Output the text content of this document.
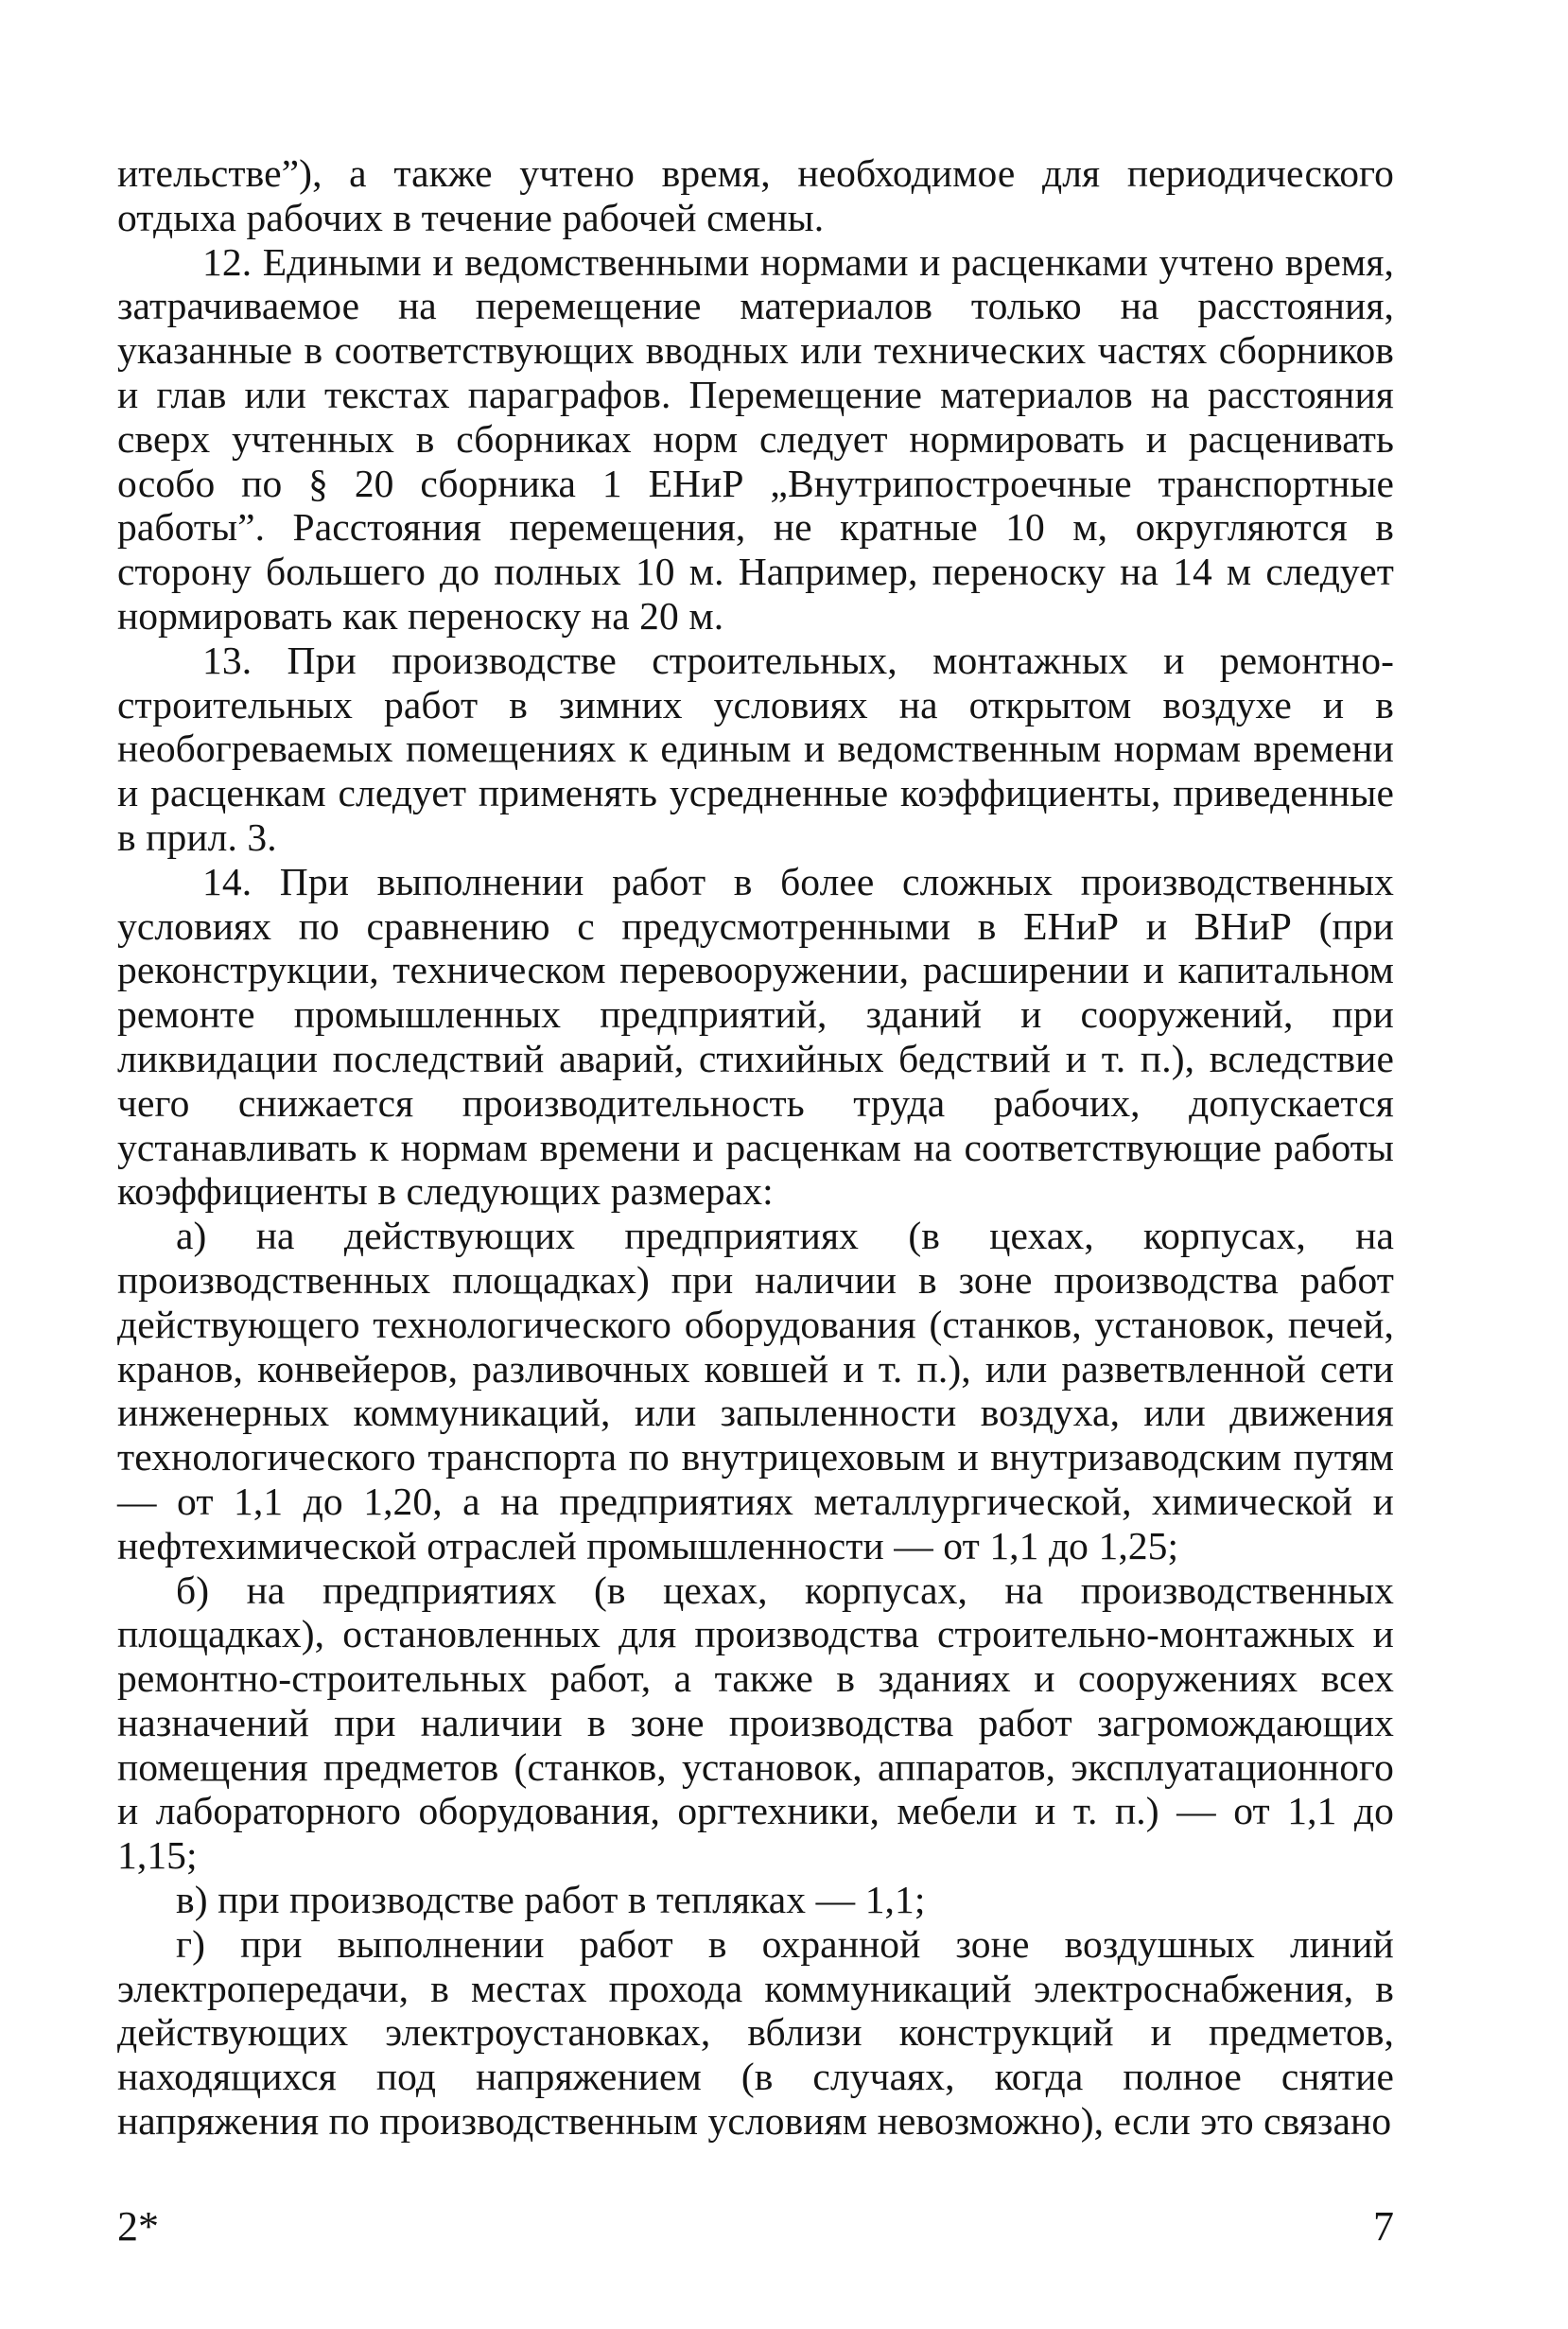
ительстве”), а также учтено время, необходимое для периодического отдыха рабочих в течение рабочей смены.

12. Едиными и ведомственными нормами и расценками учтено время, затрачиваемое на перемещение материалов только на расстояния, указанные в соответствующих вводных или технических частях сборников и глав или текстах параграфов. Перемещение материалов на расстояния сверх учтенных в сборниках норм следует нормировать и расценивать особо по § 20 сборника 1 ЕНиР „Внутрипостроечные транспортные работы”. Расстояния перемещения, не кратные 10 м, округляются в сторону большего до полных 10 м. Например, переноску на 14 м следует нормировать как переноску на 20 м.

13. При производстве строительных, монтажных и ремонтно-строительных работ в зимних условиях на открытом воздухе и в необогреваемых помещениях к единым и ведомственным нормам времени и расценкам следует применять усредненные коэффициенты, приведенные в прил. 3.

14. При выполнении работ в более сложных производственных условиях по сравнению с предусмотренными в ЕНиР и ВНиР (при реконструкции, техническом перевооружении, расширении и капитальном ремонте промышленных предприятий, зданий и сооружений, при ликвидации последствий аварий, стихийных бедствий и т. п.), вследствие чего снижается производительность труда рабочих, допускается устанавливать к нормам времени и расценкам на соответствующие работы коэффициенты в следующих размерах:

а) на действующих предприятиях (в цехах, корпусах, на производственных площадках) при наличии в зоне производства работ действующего технологического оборудования (станков, установок, печей, кранов, конвейеров, разливочных ковшей и т. п.), или разветвленной сети инженерных коммуникаций, или запыленности воздуха, или движения технологического транспорта по внутрицеховым и внутризаводским путям — от 1,1 до 1,20, а на предприятиях металлургической, химической и нефтехимической отраслей промышленности — от 1,1 до 1,25;

б) на предприятиях (в цехах, корпусах, на производственных площадках), остановленных для производства строительно-монтажных и ремонтно-строительных работ, а также в зданиях и сооружениях всех назначений при наличии в зоне производства работ загромождающих помещения предметов (станков, установок, аппаратов, эксплуатационного и лабораторного оборудования, оргтехники, мебели и т. п.) — от 1,1 до 1,15;

в) при производстве работ в тепляках — 1,1;

г) при выполнении работ в охранной зоне воздушных линий электропередачи, в местах прохода коммуникаций электроснабжения, в действующих электроустановках, вблизи конструкций и предметов, находящихся под напряжением (в случаях, когда полное снятие напряжения по производственным условиям невозможно), если это связано

2*	7
